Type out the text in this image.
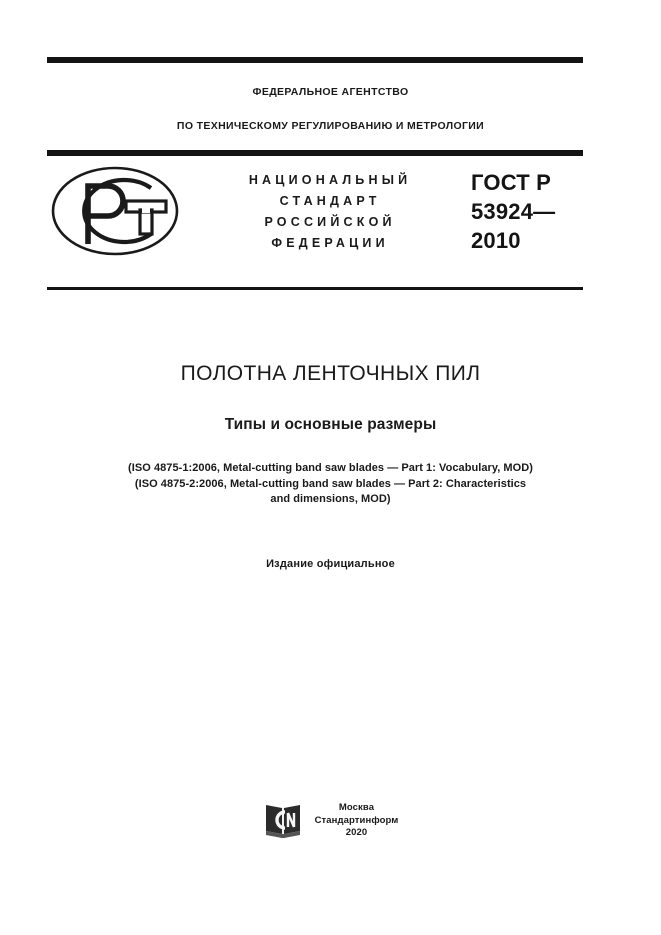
ФЕДЕРАЛЬНОЕ АГЕНТСТВО
ПО ТЕХНИЧЕСКОМУ РЕГУЛИРОВАНИЮ И МЕТРОЛОГИИ
НАЦИОНАЛЬНЫЙ
СТАНДАРТ
РОССИЙСКОЙ
ФЕДЕРАЦИИ
ГОСТ Р
53924—
2010
ПОЛОТНА ЛЕНТОЧНЫХ ПИЛ
Типы и основные размеры
(ISO 4875-1:2006, Metal-cutting band saw blades — Part 1: Vocabulary, MOD)
(ISO 4875-2:2006, Metal-cutting band saw blades — Part 2: Characteristics
and dimensions, MOD)
Издание официальное
Москва
Стандартинформ
2020
